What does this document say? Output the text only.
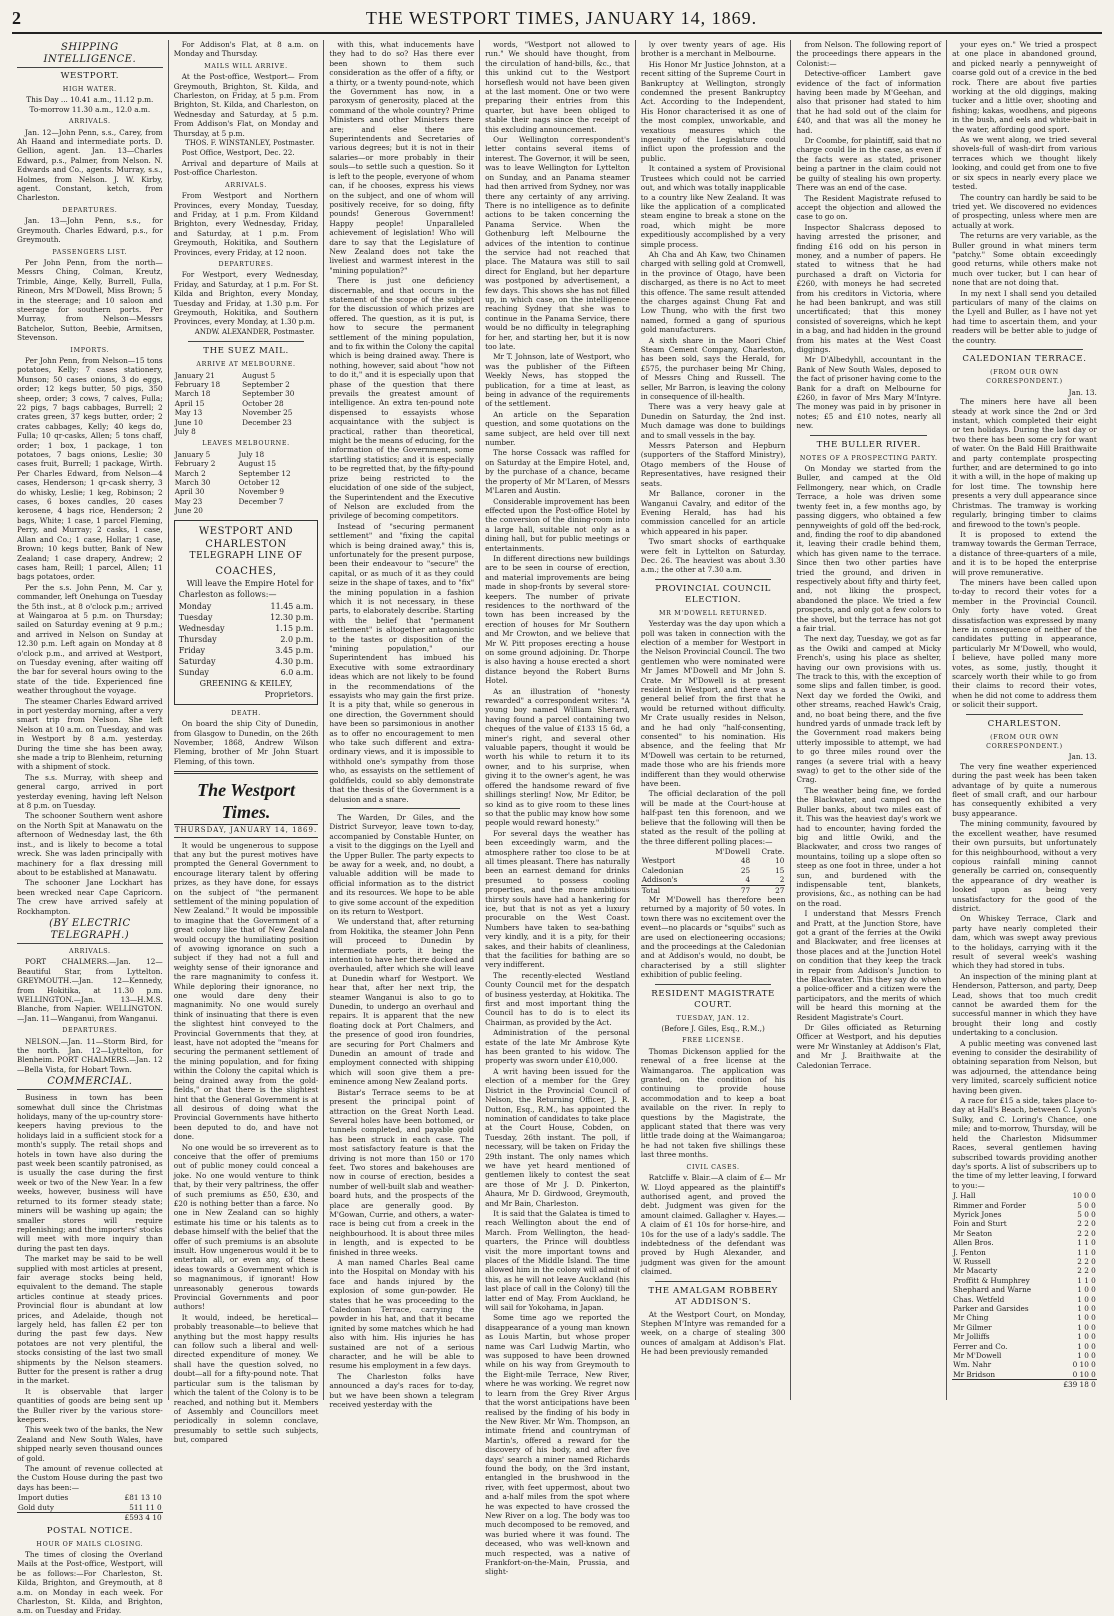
2	THE WESTPORT TIMES, JANUARY 14, 1869.
SHIPPING INTELLIGENCE.
WESTPORT.
HIGH WATER.
This Day ... 10.41 a.m., 11.12 p.m.
To-morrow 11.30 a.m., 12.0 a.m.
ARRIVALS.

Jan. 12—John Penn, s.s., Carey, from Ah Haand and intermediate ports. D. Gellion, agent. Jan. 13—Charles Edward, p.s., Palmer, from Nelson. N. Edwards and Co., agents. Murray, s.s., Holmes, from Nelson. J. W. Kirby, agent. Constant, ketch, from Charleston.

DEPARTURES.

Jan. 13—John Penn, s.s., for Greymouth. Charles Edward, p.s., for Greymouth.

PASSENGERS LIST.

Per John Penn, from the north—Messrs Ching, Colman, Kreutz, Trimble, Ainge, Kelly, Burrell, Fulla, Rineon, Mrs M'Dowell, Miss Brown; 5 in the steerage; and 10 saloon and steerage for southern ports. Per Murray, from Nelson—Messrs Batchelor, Sutton, Beebie, Armitsen, Stevenson.

IMPORTS.

Per John Penn, from Nelson—15 tons potatoes, Kelly; 7 cases stationery, Munson; 50 cases onions, 3 do eggs, order; 12 kegs butter, 50 pigs, 350 sheep, order; 3 cows, 7 calves, Fulla; 22 pigs, 7 bags cabbages, Burrell; 2 crates green, 37 kegs butter, order; 2 crates cabbages, Kelly; 40 kegs do, Fulla; 10 qr-casks, Allen; 5 tons chaff, order; 1 box, 1 package, 1 ton potatoes, 7 bags onions, Leslie; 30 cases fruit, Burrell; 1 package, Wirth. Per Charles Edward, from Nelson—4 cases, Henderson; 1 qr-cask sherry, 3 do whisky, Leslie; 1 keg, Robinson; 2 cases, 6 boxes candles, 20 cases kerosene, 4 bags rice, Henderson; 2 bags, White; 1 case, 1 parcel Fleming, Perry, and Murray; 2 casks, 1 case, Allan and Co.; 1 case, Hollar; 1 case, Brown; 10 kegs butter, Bank of New Zealand; 1 case drapery, Andrew; 2 cases ham, Reill; 1 parcel, Allen; 11 bags potatoes, order.

Per the s.s. John Penn, M. Car y, commander, left Onehunga on Tuesday the 5th inst., at 8 o'clock p.m.; arrived at Waingaroa at 5 p.m. on Thursday; sailed on Saturday evening at 9 p.m.; and arrived in Nelson on Sunday at 12.30 p.m. Left again on Monday at 8 o'clock p.m., and arrived at Westport, on Tuesday evening, after waiting off the bar for several hours owing to the state of the tide. Experienced fine weather throughout the voyage.

The steamer Charles Edward arrived in port yesterday morning, after a very smart trip from Nelson. She left Nelson at 10 a.m. on Tuesday, and was in Westport by 8 a.m. yesterday. During the time she has been away, she made a trip to Blenheim, returning with a shipment of stock.

The s.s. Murray, with sheep and general cargo, arrived in port yesterday evening, having left Nelson at 8 p.m. on Tuesday.

The schooner Southern went ashore on the North Spit at Manawatu on the afternoon of Wednesday last, the 6th inst., and is likely to become a total wreck. She was laden principally with machinery for a flax dressing mill about to be established at Manawatu.

The schooner Jane Lockhart has been wrecked near Cape Capricorn. The crew have arrived safely at Rockhampton.

(BY ELECTRIC TELEGRAPH.)
ARRIVALS.

PORT CHALMERS.—Jan. 12—Beautiful Star, from Lyttelton. GREYMOUTH.—Jan. 12—Kennedy, from Hokitika, at 11.30 p.m. WELLINGTON.—Jan. 13—H.M.S. Blanche, from Napier. WELLINGTON.—Jan. 11—Wanganui, from Wanganui.

DEPARTURES.

NELSON.—Jan. 11—Storm Bird, for the north. Jan. 12—Lyttelton, for Blenheim. PORT CHALMERS.—Jan. 12—Bella Vista, for Hobart Town.

COMMERCIAL.

Business in town has been somewhat dull since the Christmas holidays, many of the up-country store-keepers having previous to the holidays laid in a sufficient stock for a month's supply. The retail shops and hotels in town have also during the past week been scantily patronised, as is usually the case during the first week or two of the New Year. In a few weeks, however, business will have returned to its former steady state; miners will be washing up again; the smaller stores will require replenishing; and the importers' stocks will meet with more inquiry than during the past ten days.

The market may be said to be well supplied with most articles at present, fair average stocks being held, equivalent to the demand. The staple articles continue at steady prices. Provincial flour is abundant at low prices, and Adelaide, though not largely held, has fallen £2 per ton during the past few days. New potatoes are not very plentiful, the stocks consisting of the last two small shipments by the Nelson steamers. Butter for the present is rather a drug in the market.

It is observable that larger quantities of goods are being sent up the Buller river by the various store-keepers.

This week two of the banks, the New Zealand and New South Wales, have shipped nearly seven thousand ounces of gold.

The amount of revenue collected at the Custom House during the past two days has been:—

Import duties	£81 13 10
Gold duty	511 11 0
	£593 4 10
POSTAL NOTICE.
HOUR OF MAILS CLOSING.

The times of closing the Overland Mails at the Post-office, Westport, will be as follows:—For Charleston, St. Kilda, Brighton, and Greymouth, at 8 a.m. on Monday in each week. For Charleston, St. Kilda, and Brighton, a.m. on Tuesday and Friday.

For Addison's Flat, at 8 a.m. on Monday and Thursday.

MAILS WILL ARRIVE.

At the Post-office, Westport— From Greymouth, Brighton, St. Kilda, and Charleston, on Friday, at 5 p.m. From Brighton, St. Kilda, and Charleston, on Wednesday and Saturday, at 5 p.m. From Addison's Flat, on Monday and Thursday, at 5 p.m.

THOS. F. WINSTANLEY, Postmaster.

Post Office, Westport, Dec. 22.

Arrival and departure of Mails at Post-office Charleston.

ARRIVALS.

From Westport and Northern Provinces, every Monday, Tuesday, and Friday, at 1 p.m. From Kildand Brighton, every Wednesday, Friday, and Saturday, at 1 p.m. From Greymouth, Hokitika, and Southern Provinces, every Friday, at 12 noon.

DEPARTURES.

For Westport, every Wednesday, Friday, and Saturday, at 1 p.m. For St. Kilda and Brighton, every Monday, Tuesday and Friday, at 1.30 p.m. For Greymouth, Hokitika, and Southern Provinces, every Monday, at 1.30 p.m.

ANDW. ALEXANDER, Postmaster.
THE SUEZ MAIL.
ARRIVE AT MELBOURNE.
January 21	August 5
February 18	September 2
March 18	September 30
April 15	October 28
May 13	November 25
June 10	December 23
July 8	
LEAVES MELBOURNE.
January 5	July 18
February 2	August 15
March 2	September 12
March 30	October 12
April 30	November 9
May 23	December 7
June 20	
WESTPORT AND CHARLESTON
TELEGRAPH LINE OF
COACHES,

Will leave the Empire Hotel for Charleston as follows:—

Monday	11.45 a.m.
Tuesday	12.30 p.m.
Wednesday	1.15 p.m.
Thursday	2.0 p.m.
Friday	3.45 p.m.
Saturday	4.30 p.m.
Sunday	6.0 a.m.
GREENING & KEILEY,
Proprietors.
DEATH.

On board the ship City of Dunedin, from Glasgow to Dunedin, on the 26th November, 1868, Andrew Wilson Fleming, brother of Mr John Stuart Fleming, of this town.

The Westport Times.
THURSDAY, JANUARY 14, 1869.

It would be ungenerous to suppose that any but the purest motives have prompted the General Government to encourage literary talent by offering prizes, as they have done, for essays on the subject of "the permanent settlement of the mining population of New Zealand." It would be impossible to imagine that the Government of a great colony like that of New Zealand would occupy the humiliating position of avowing ignorance on such a subject if they had not a full and weighty sense of their ignorance and the rare magnanimity to confess it. While deploring their ignorance, no one would dare deny their magnanimity. No one would surely think of insinuating that there is even the slightest hint conveyed to the Provincial Governments that they, at least, have not adopted the "means for securing the permanent settlement of the mining population, and for fixing within the Colony the capital which is being drained away from the gold-fields," or that there is the slightest hint that the General Government is at all desirous of doing what the Provincial Governments have hitherto been deputed to do, and have not done.

No one would be so irreverent as to conceive that the offer of premiums out of public money could conceal a joke. No one would venture to think that, by their very paltriness, the offer of such premiums as £50, £30, and £20 is nothing better than a farce. No one in New Zealand can so highly estimate his time or his talents as to debase himself with the belief that the offer of such premiums is an absolute insult. How ungenerous would it be to entertain all, or even any, of these ideas towards a Government which is so magnanimous, if ignorant! How unreasonably generous towards Provincial Governments and poor authors!

It would, indeed, be heretical—probably treasonable—to believe that anything but the most happy results can follow such a liberal and well-directed expenditure of money. We shall have the question solved, no doubt—all for a fifty-pound note. That particular sum is the talisman by which the talent of the Colony is to be reached, and nothing but it. Members of Assembly and Councillors meet periodically in solemn conclave, presumably to settle such subjects, but, compared

with this, what inducements have they had to do so? Has there ever been shown to them such consideration as the offer of a fifty, or a thirty, or a twenty pound-note, which the Government has now, in a paroxysm of generosity, placed at the command of the whole country? Prime Ministers and other Ministers there are; and else there are Superintendents and Secretaries of various degrees; but it is not in their salaries—or more probably in their souls—to settle such a question. So it is left to the people, everyone of whom can, if he chooses, express his views on the subject, and one of whom will positively receive, for so doing, fifty pounds! Generous Government! Happy people! Unparalleled achievement of legislation! Who will dare to say that the Legislature of New Zealand does not take the liveliest and warmest interest in the "mining population?"

There is just one deficiency discernable, and that occurs in the statement of the scope of the subject for the discussion of which prizes are offered. The question, as it is put, is how to secure the permanent settlement of the mining population, and to fix within the Colony the capital which is being drained away. There is nothing, however, said about "how not to do it," and it is especially upon that phase of the question that there prevails the greatest amount of intelligence. An extra ten-pound note dispensed to essayists whose acquaintance with the subject is practical, rather than theoretical, might be the means of educing, for the information of the Government, some startling statistics; and it is especially to be regretted that, by the fifty-pound prize being restricted to the elucidation of one side of the subject, the Superintendent and the Executive of Nelson are excluded from the privilege of becoming competitors.

Instead of "securing permanent settlement" and "fixing the capital which is being drained away," this is, unfortunately for the present purpose, been their endeavour to "secure" the capital, or as much of it as they could seize in the shape of taxes, and to "fix" the mining population in a fashion which it is not necessary, in these parts, to elaborately describe. Starting with the belief that "permanent settlement" is altogether antagonistic to the tastes or disposition of the "mining population," our Superintendent has imbued his Executive with some extraordinary ideas which are not likely to be found in the recommendations of the essayists who may gain the first prize. It is a pity that, while so generous in one direction, the Government should have been so parsimonious in another as to offer no encouragement to men who take such different and extra-ordinary views, and it is impossible to withhold one's sympathy from those who, as essayists on the settlement of goldfields, could so ably demonstrate that the thesis of the Government is a delusion and a snare.

The Warden, Dr Giles, and the District Surveyor, leave town to-day, accompanied by Constable Hunter, on a visit to the diggings on the Lyell and the Upper Buller. The party expects to be away for a week, and, no doubt, a valuable addition will be made to official information as to the district and its resources. We hope to be able to give some account of the expedition on its return to Westport.

We understand that, after returning from Hokitika, the steamer John Penn will proceed to Dunedin by intermediate ports, it being the intention to have her there docked and overhauled, after which she will leave at Dunedin wharf for Westport. We hear that, after her next trip, the steamer Wanganui is also to go to Dunedin, to undergo an overhaul and repairs. It is apparent that the new floating dock at Port Chalmers, and the presence of good iron foundries, are securing for Port Chalmers and Dunedin an amount of trade and employment connected with shipping which will soon give them a pre-eminence among New Zealand ports.

Bistar's Terrace seems to be at present the principal point of attraction on the Great North Lead. Several holes have been bottomed, or tunnels completed, and payable gold has been struck in each case. The most satisfactory feature is that the driving is not more than 150 or 170 feet. Two stores and bakehouses are now in course of erection, besides a number of well-built slab and weather-board huts, and the prospects of the place are generally good. By M'Gowan, Currie, and others, a water-race is being cut from a creek in the neighbourhood. It is about three miles in length, and is expected to be finished in three weeks.

A man named Charles Beal came into the Hospital on Monday with his face and hands injured by the explosion of some gun-powder. He states that he was proceeding to the Caledonian Terrace, carrying the powder in his hat, and that it became ignited by some matches which he had also with him. His injuries he has sustained are not of a serious character, and he will be able to resume his employment in a few days.

The Charleston folks have announced a day's races for to-day, but we have been shown a telegram received yesterday with the

words, "Westport not allowed to run." We should have thought, from the circulation of hand-bills, &c., that this unkind cut to the Westport horseflesh would not have been given at the last moment. One or two were preparing their entries from this quarter, but have been obliged to stable their nags since the receipt of this excluding announcement.

Our Wellington correspondent's letter contains several items of interest. The Governor, it will be seen, was to leave Wellington for Lyttelton on Sunday, and an Panama steamer had then arrived from Sydney, nor was there any certainty of any arriving. There is no intelligence as to definite actions to be taken concerning the Panama Service. When the Gothenburg left Melbourne the advices of the intention to continue the service had not reached that place. The Mataura was still to sail direct for England, but her departure was postponed by advertisement, a few days. This shows she has not filled up, in which case, on the intelligence reaching Sydney that she was to continue in the Panama Service, there would be no difficulty in telegraphing for her, and starting her, but it is now too late.

Mr T. Johnson, late of Westport, who was the publisher of the Fifteen Weekly News, has stopped the publication, for a time at least, as being in advance of the requirements of the settlement.

An article on the Separation question, and some quotations on the same subject, are held over till next number.

The horse Cossack was raffled for on Saturday at the Empire Hotel, and, by the purchase of a chance, became the property of Mr M'Laren, of Messrs M'Laren and Austin.

Considerable improvement has been effected upon the Post-office Hotel by the conversion of the dining-room into a large hall, suitable not only as a dining hall, but for public meetings or entertainments.

In different directions new buildings are to be seen in course of erection, and material improvements are being made in shop-fronts by several store-keepers. The number of private residences to the northward of the town has been increased by the erection of houses for Mr Southern and Mr Crowton, and we believe that Mr W. Pitt proposes erecting a house on some ground adjoining. Dr. Thorpe is also having a house erected a short distance beyond the Robert Burns Hotel.

As an illustration of "honesty rewarded" a correspondent writes: "A young boy named William Sherard, having found a parcel containing two cheques of the value of £133 15 6d, a miner's right, and several other valuable papers, thought it would be worth his while to return it to its owner, and to his surprise, when giving it to the owner's agent, he was offered the handsome reward of five shillings sterling! Now, Mr Editor, be so kind as to give room to these lines so that the public may know how some people would reward honesty."

For several days the weather has been exceedingly warm, and the atmosphere rather too close to be at all times pleasant. There has naturally been an earnest demand for drinks presumed to possess cooling properties, and the more ambitious thirsty souls have had a hankering for ice, but that is not as yet a luxury procurable on the West Coast. Numbers have taken to sea-bathing very kindly, and it is a pity, for their sakes, and their habits of cleanliness, that the facilities for bathing are so very indifferent.

The recently-elected Westland County Council met for the despatch of business yesterday, at Hokitika. The first and most important thing the Council has to do is to elect its Chairman, as provided by the Act.

Administration of the personal estate of the late Mr Ambrose Kyte has been granted to his widow. The property was sworn under £10,000.

A writ having been issued for the election of a member for the Grey District in the Provincial Council of Nelson, the Returning Officer, J. R. Dutton, Esq., R.M., has appointed the nomination of candidates to take place at the Court House, Cobden, on Tuesday, 26th instant. The poll, if necessary, will be taken on Friday the 29th instant. The only names which we have yet heard mentioned of gentlemen likely to contest the seat are those of Mr J. D. Pinkerton, Ahaura, Mr D. Girdwood, Greymouth, and Mr Bain, Charleston.

It is said that the Galatea is timed to reach Wellington about the end of March. From Wellington, the head-quarters, the Prince will doubtless visit the more important towns and places of the Middle Island. The time allowed him in the colony will admit of this, as he will not leave Auckland (his last place of call in the Colony) till the latter end of May. From Auckland, he will sail for Yokohama, in Japan.

Some time ago we reported the disappearance of a young man known as Louis Martin, but whose proper name was Carl Ludwig Martin, who was supposed to have been drowned while on his way from Greymouth to the Eight-mile Terrace, New River, where he was working. We regret now to learn from the Grey River Argus that the worst anticipations have been realised by the finding of his body in the New River. Mr Wm. Thompson, an intimate friend and countryman of Martin's, offered a reward for the discovery of his body, and after five days' search a miner named Richards found the body, on the 3rd instant, entangled in the brushwood in the river, with feet uppermost, about two and a-half miles from the spot where he was expected to have crossed the New River on a log. The body was too much decomposed to be removed, and was buried where it was found. The deceased, who was well-known and much respected, was a native of Frankfort-on-the-Main, Prussia, and slight-

ly over twenty years of age. His brother is a merchant in Melbourne.

His Honor Mr Justice Johnston, at a recent sitting of the Supreme Court in Bankruptcy at Wellington, strongly condemned the present Bankruptcy Act. According to the Independent, His Honor characterised it as one of the most complex, unworkable, and vexatious measures which the ingenuity of the Legislature could inflict upon the profession and the public.

It contained a system of Provisional Trustees which could not be carried out, and which was totally inapplicable to a country like New Zealand. It was like the application of a complicated steam engine to break a stone on the road, which might be more expeditiously accomplished by a very simple process.

Ah Cha and Ah Kaw, two Chinamen charged with selling gold at Cromwell, in the province of Otago, have been discharged, as there is no Act to meet this offence. The same result attended the charges against Chung Fat and Low Thung, who with the first two named, formed a gang of spurious gold manufacturers.

A sixth share in the Maori Chief Steam Cement Company, Charleston, has been sold, says the Herald, for £575, the purchaser being Mr Ching, of Messrs Ching and Russell. The seller, Mr Barron, is leaving the colony in consequence of ill-health.

There was a very heavy gale at Dunedin on Saturday, the 2nd inst. Much damage was done to buildings and to small vessels in the bay.

Messrs Paterson and Hepburn (supporters of the Stafford Ministry), Otago members of the House of Representatives, have resigned their seats.

Mr Ballance, coroner in the Wanganui Cavalry, and editor of the Evening Herald, has had his commission cancelled for an article which appeared in his paper.

Two smart shocks of earthquake were felt in Lyttelton on Saturday, Dec. 26. The heaviest was about 3.30 a.m.; the other at 7.30 a.m.

PROVINCIAL COUNCIL ELECTION.
MR M'DOWELL RETURNED.

Yesterday was the day upon which a poll was taken in connection with the election of a member for Westport in the Nelson Provincial Council. The two gentlemen who were nominated were Mr James M'Dowell and Mr John S. Crate. Mr M'Dowell is at present resident in Westport, and there was a general belief from the first that he would be returned without difficulty. Mr Crate usually resides in Nelson, and he had only "half-consenting, consented" to his nomination. His absence, and the feeling that Mr M'Dowell was certain to be returned, made those who are his friends more indifferent than they would otherwise have been.

The official declaration of the poll will be made at the Court-house at half-past ten this forenoon, and we believe that the following will then be stated as the result of the polling at the three different polling places:—

	M'Dowell	Crate.
Westport	48	10
Caledonian	25	15
Addison's	4	2
Total	77	27

Mr M'Dowell has therefore been returned by a majority of 50 votes. In town there was no excitement over the event—no placards or "squibs" such as are used on electioneering occasions; and the proceedings at the Caledonian and at Addison's would, no doubt, be characterised by a still slighter exhibition of public feeling.

RESIDENT MAGISTRATE COURT.
TUESDAY, JAN. 12.
(Before J. Giles, Esq., R.M.,)
FREE LICENSE.

Thomas Dickenson applied for the renewal of a free license at the Waimangaroa. The application was granted, on the condition of his continuing to provide house accommodation and to keep a boat available on the river. In reply to questions by the Magistrate, the applicant stated that there was very little trade doing at the Waimangaroa; he had not taken five shillings these last three months.

CIVIL CASES.

Ratcliffe v. Blair.—A claim of £— Mr W. Lloyd appeared as the plaintiff's authorised agent, and proved the debt. Judgment was given for the amount claimed. Gallagher v. Hayes.—A claim of £1 10s for horse-hire, and 10s for the use of a lady's saddle. The indebtedness of the defendant was proved by Hugh Alexander, and judgment was given for the amount claimed.

THE AMALGAM ROBBERY AT ADDISON'S.

At the Westport Court, on Monday, Stephen M'Intyre was remanded for a week, on a charge of stealing 300 ounces of amalgam at Addison's Flat. He had been previously remanded

from Nelson. The following report of the proceedings there appears in the Colonist:—

Detective-officer Lambert gave evidence of the fact of information having been made by M'Geehan, and also that prisoner had stated to him that he had sold out of the claim for £40, and that was all the money he had.

Dr Coombe, for plaintiff, said that no charge could lie in the case, as even if the facts were as stated, prisoner being a partner in the claim could not be guilty of stealing his own property. There was an end of the case.

The Resident Magistrate refused to accept the objection and allowed the case to go on.

Inspector Shalcrass deposed to having arrested the prisoner, and finding £16 odd on his person in money, and a number of papers. He stated to witness that he had purchased a draft on Victoria for £260, with moneys he had secreted from his creditors in Victoria, where he had been bankrupt, and was still uncertificated; that this money consisted of sovereigns, which he kept in a bag, and had hidden in the ground from his mates at the West Coast diggings.

Mr D'Albedyhll, accountant in the Bank of New South Wales, deposed to the fact of prisoner having come to the Bank for a draft on Melbourne for £260, in favor of Mrs Mary M'Intyre. The money was paid in by prisoner in notes; £5 and £10 notes, nearly all new.

THE BULLER RIVER.
NOTES OF A PROSPECTING PARTY.

On Monday we started from the Buller, and camped at the Old Fellmongery, near which, on Cradle Terrace, a hole was driven some twenty feet in, a few months ago, by passing diggers, who obtained a few pennyweights of gold off the bed-rock, and, finding the roof to dip abandoned it, leaving their cradle behind them, which has given name to the terrace. Since then two other parties have tried the ground, and driven in respectively about fifty and thirty feet, and, not liking the prospect, abandoned the place. We tried a few prospects, and only got a few colors to the shovel, but the terrace has not got a fair trial.

The next day, Tuesday, we got as far as the Owiki and camped at Micky French's, using his place as shelter, having our own provisions with us. The track to this, with the exception of some slips and fallen timber, is good. Next day we forded the Owiki, and other streams, reached Hawk's Craig, and, no boat being there, and the five hundred yards of unmade track left by the Government road makers being utterly impossible to attempt, we had to go three miles round over the ranges (a severe trial with a heavy swag) to get to the other side of the Crag.

The weather being fine, we forded the Blackwater, and camped on the Buller banks, about two miles east of it. This was the heaviest day's work we had to encounter, having forded the big and little Owiki, and the Blackwater, and cross two ranges of mountains, toiling up a slope often so steep as one foot in three, under a hot sun, and burdened with the indispensable tent, blankets, provisions, &c., as nothing can be had on the road.

I understand that Messrs French and Pratt, at the Junction Store, have got a grant of the ferries at the Owiki and Blackwater, and free licenses at those places and at the Junction Hotel on condition that they keep the track in repair from Addison's Junction to the Blackwater. This they say do when a police-officer and a citizen were the participators, and the merits of which will be heard this morning at the Resident Magistrate's Court.

Dr Giles officiated as Returning Officer at Westport, and his deputies were Mr Winstanley at Addison's Flat, and Mr J. Braithwaite at the Caledonian Terrace.

your eyes on." We tried a prospect at one place in abandoned ground, and picked nearly a pennyweight of coarse gold out of a crevice in the bed rock. There are about five parties working at the old diggings, making tucker and a little over, shooting and fishing; kakas, woodhens, and pigeons in the bush, and eels and white-bait in the water, affording good sport.

As we went along, we tried several shovels-full of wash-dirt from various terraces which we thought likely looking, and could get from one to five or six specs in nearly every place we tested.

The country can hardly be said to be tried yet. We discovered no evidences of prospecting, unless where men are actually at work.

The returns are very variable, as the Buller ground in what miners term "patchy." Some obtain exceedingly good returns, while others make not much over tucker, but I can hear of none that are not doing that.

In my next I shall send you detailed particulars of many of the claims on the Lyell and Buller, as I have not yet had time to ascertain them, and your readers will be better able to judge of the country.

CALEDONIAN TERRACE.
(FROM OUR OWN CORRESPONDENT.)
Jan. 13.

The miners here have all been steady at work since the 2nd or 3rd instant, which completed their eight or ten holidays. During the last day or two there has been some cry for want of water. On the Bald Hill Braithwaite and party contemplate prospecting further, and are determined to go into it with a will, in the hope of making up for lost time. The township here presents a very dull appearance since Christmas. The tramway is working regularly, bringing timber to claims and firewood to the town's people.

It is proposed to extend the tramway towards the German Terrace, a distance of three-quarters of a mile, and it is to be hoped the enterprise will prove remunerative.

The miners have been called upon to-day to record their votes for a member in the Provincial Council. Only forty have voted. Great dissatisfaction was expressed by many here in consequence of neither of the candidates putting in appearance, particularly Mr M'Dowell, who would, I believe, have polled many more votes, as some, justly, thought it scarcely worth their while to go from their claims to record their votes, when he did not come to address them or solicit their support.

CHARLESTON.
(FROM OUR OWN CORRESPONDENT.)
Jan. 13.

The very fine weather experienced during the past week has been taken advantage of by quite a numerous fleet of small craft, and our harbour has consequently exhibited a very busy appearance.

The mining community, favoured by the excellent weather, have resumed their own pursuits, but unfortunately for this neighbourhood, without a very copious rainfall mining cannot generally be carried on, consequently the appearance of dry weather is looked upon as being very unsatisfactory for the good of the district.

On Whiskey Terrace, Clark and party have nearly completed their dam, which was swept away previous to the holidays, carrying with it the result of several week's washing which they had stored in tubs.

An inspection of the mining plant at Henderson, Patterson, and party, Deep Lead, shows that too much credit cannot be awarded them for the successful manner in which they have brought their long and costly undertaking to a conclusion.

A public meeting was convened last evening to consider the desirability of obtaining separation from Nelson, but was adjourned, the attendance being very limited, scarcely sufficient notice having been given.

A race for £15 a side, takes place to-day at Hall's Beach, between C. Lyon's Sulky, and C. Loring's Chance, one mile; and to-morrow, Thursday, will be held the Charleston Midsummer Races, several gentlemen having subscribed towards providing another day's sports. A list of subscribers up to the time of my letter leaving, I forward to you:—

J. Hall	10 0 0
Rimmer and Forder	5 0 0
Myrick Jones	5 0 0
Foin and Sturt	2 2 0
Mr Seaton	2 2 0
Allen Bros.	1 1 0
J. Fenton	1 1 0
W. Russell	2 2 0
Mr Macarty	2 2 0
Proffitt & Humphrey	1 1 0
Shephard and Warne	1 0 0
Chas. Wetfeld	1 0 0
Parker and Garsides	1 0 0
Mr Ching	1 0 0
Mr Gilmer	1 0 0
Mr Jolliffs	1 0 0
Ferrer and Co.	1 0 0
Mr M'Dowell	1 0 0
Wm. Nahr	0 10 0
Mr Bridson	0 10 0
	£39 18 0
